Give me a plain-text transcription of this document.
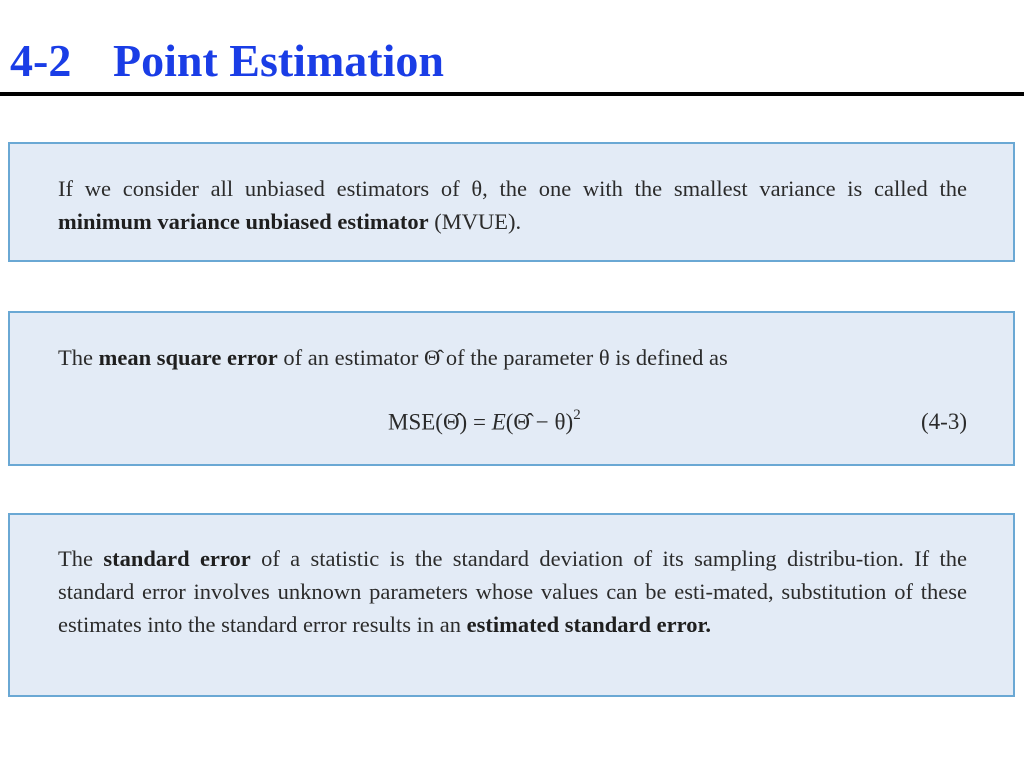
4-2 Point Estimation

If we consider all unbiased estimators of θ, the one with the smallest variance is called the minimum variance unbiased estimator (MVUE).

The mean square error of an estimator Θ̂ of the parameter θ is defined as

MSE(Θ̂) = E(Θ̂ − θ)$^2$	(4-3)

The standard error of a statistic is the standard deviation of its sampling distribu-tion. If the standard error involves unknown parameters whose values can be esti-mated, substitution of these estimates into the standard error results in an estimated standard error.
